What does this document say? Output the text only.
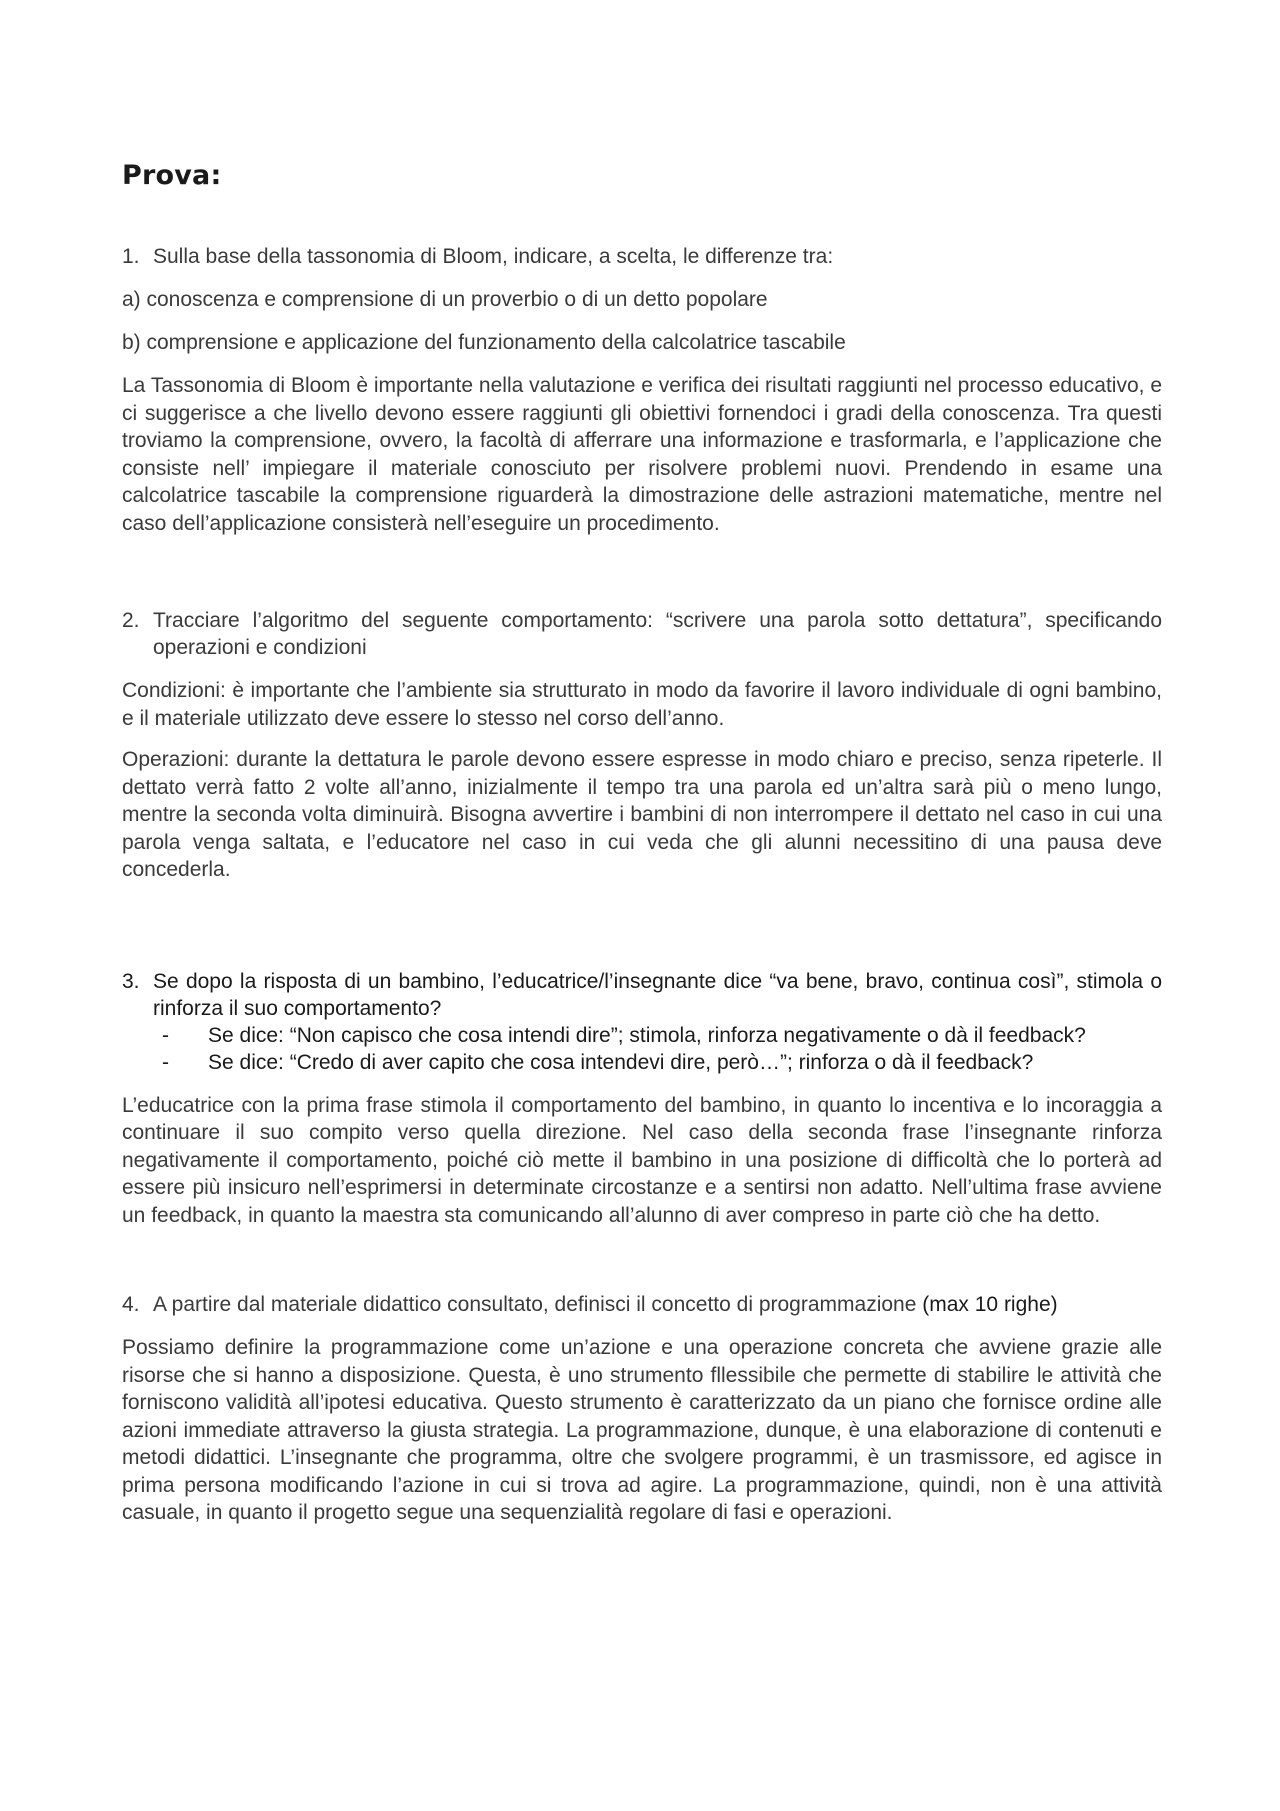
Prova:
1. Sulla base della tassonomia di Bloom, indicare, a scelta, le differenze tra:

a) conoscenza e comprensione di un proverbio o di un detto popolare

b) comprensione e applicazione del funzionamento della calcolatrice tascabile

La Tassonomia di Bloom è importante nella valutazione e verifica dei risultati raggiunti nel processo educativo, e ci suggerisce a che livello devono essere raggiunti gli obiettivi fornendoci i gradi della conoscenza. Tra questi troviamo la comprensione, ovvero, la facoltà di afferrare una informazione e trasformarla, e l’applicazione che consiste nell’ impiegare il materiale conosciuto per risolvere problemi nuovi. Prendendo in esame una calcolatrice tascabile la comprensione riguarderà la dimostrazione delle astrazioni matematiche, mentre nel caso dell’applicazione consisterà nell’eseguire un procedimento.

2. Tracciare l’algoritmo del seguente comportamento: “scrivere una parola sotto dettatura”, specificando operazioni e condizioni

Condizioni: è importante che l’ambiente sia strutturato in modo da favorire il lavoro individuale di ogni bambino, e il materiale utilizzato deve essere lo stesso nel corso dell’anno.

Operazioni: durante la dettatura le parole devono essere espresse in modo chiaro e preciso, senza ripeterle. Il dettato verrà fatto 2 volte all’anno, inizialmente il tempo tra una parola ed un’altra sarà più o meno lungo, mentre la seconda volta diminuirà. Bisogna avvertire i bambini di non interrompere il dettato nel caso in cui una parola venga saltata, e l’educatore nel caso in cui veda che gli alunni necessitino di una pausa deve concederla.

3. Se dopo la risposta di un bambino, l’educatrice/l’insegnante dice “va bene, bravo, continua così”, stimola o rinforza il suo comportamento?
-	Se dice: “Non capisco che cosa intendi dire”; stimola, rinforza negativamente o dà il feedback?
-	Se dice: “Credo di aver capito che cosa intendevi dire, però…”; rinforza o dà il feedback?

L’educatrice con la prima frase stimola il comportamento del bambino, in quanto lo incentiva e lo incoraggia a continuare il suo compito verso quella direzione. Nel caso della seconda frase l’insegnante rinforza negativamente il comportamento, poiché ciò mette il bambino in una posizione di difficoltà che lo porterà ad essere più insicuro nell’esprimersi in determinate circostanze e a sentirsi non adatto. Nell’ultima frase avviene un feedback, in quanto la maestra sta comunicando all’alunno di aver compreso in parte ciò che ha detto.

4. A partire dal materiale didattico consultato, definisci il concetto di programmazione (max 10 righe)

Possiamo definire la programmazione come un’azione e una operazione concreta che avviene grazie alle risorse che si hanno a disposizione. Questa, è uno strumento fllessibile che permette di stabilire le attività che forniscono validità all’ipotesi educativa. Questo strumento è caratterizzato da un piano che fornisce ordine alle azioni immediate attraverso la giusta strategia. La programmazione, dunque, è una elaborazione di contenuti e metodi didattici. L’insegnante che programma, oltre che svolgere programmi, è un trasmissore, ed agisce in prima persona modificando l’azione in cui si trova ad agire. La programmazione, quindi, non è una attività casuale, in quanto il progetto segue una sequenzialità regolare di fasi e operazioni.
